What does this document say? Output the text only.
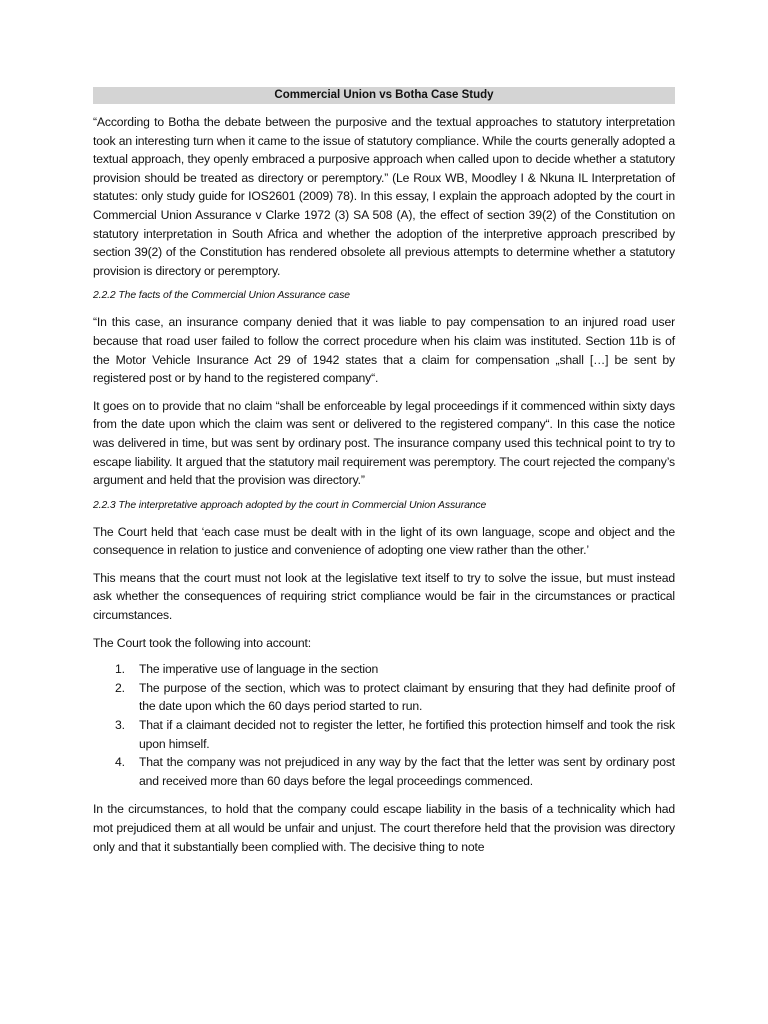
Commercial Union vs Botha Case Study

“According to Botha the debate between the purposive and the textual approaches to statutory interpretation took an interesting turn when it came to the issue of statutory compliance. While the courts generally adopted a textual approach, they openly embraced a purposive approach when called upon to decide whether a statutory provision should be treated as directory or peremptory.” (Le Roux WB, Moodley I & Nkuna IL Interpretation of statutes: only study guide for IOS2601 (2009) 78). In this essay, I explain the approach adopted by the court in Commercial Union Assurance v Clarke 1972 (3) SA 508 (A), the effect of section 39(2) of the Constitution on statutory interpretation in South Africa and whether the adoption of the interpretive approach prescribed by section 39(2) of the Constitution has rendered obsolete all previous attempts to determine whether a statutory provision is directory or peremptory.

2.2.2 The facts of the Commercial Union Assurance case

“In this case, an insurance company denied that it was liable to pay compensation to an injured road user because that road user failed to follow the correct procedure when his claim was instituted. Section 11b is of the Motor Vehicle Insurance Act 29 of 1942 states that a claim for compensation „shall […] be sent by registered post or by hand to the registered company“.

It goes on to provide that no claim “shall be enforceable by legal proceedings if it commenced within sixty days from the date upon which the claim was sent or delivered to the registered company“. In this case the notice was delivered in time, but was sent by ordinary post. The insurance company used this technical point to try to escape liability. It argued that the statutory mail requirement was peremptory. The court rejected the company’s argument and held that the provision was directory.”

2.2.3 The interpretative approach adopted by the court in Commercial Union Assurance

The Court held that ‘each case must be dealt with in the light of its own language, scope and object and the consequence in relation to justice and convenience of adopting one view rather than the other.’

This means that the court must not look at the legislative text itself to try to solve the issue, but must instead ask whether the consequences of requiring strict compliance would be fair in the circumstances or practical circumstances.

The Court took the following into account:

1. The imperative use of language in the section
2. The purpose of the section, which was to protect claimant by ensuring that they had definite proof of the date upon which the 60 days period started to run.
3. That if a claimant decided not to register the letter, he fortified this protection himself and took the risk upon himself.
4. That the company was not prejudiced in any way by the fact that the letter was sent by ordinary post and received more than 60 days before the legal proceedings commenced.

In the circumstances, to hold that the company could escape liability in the basis of a technicality which had mot prejudiced them at all would be unfair and unjust. The court therefore held that the provision was directory only and that it substantially been complied with. The decisive thing to note
